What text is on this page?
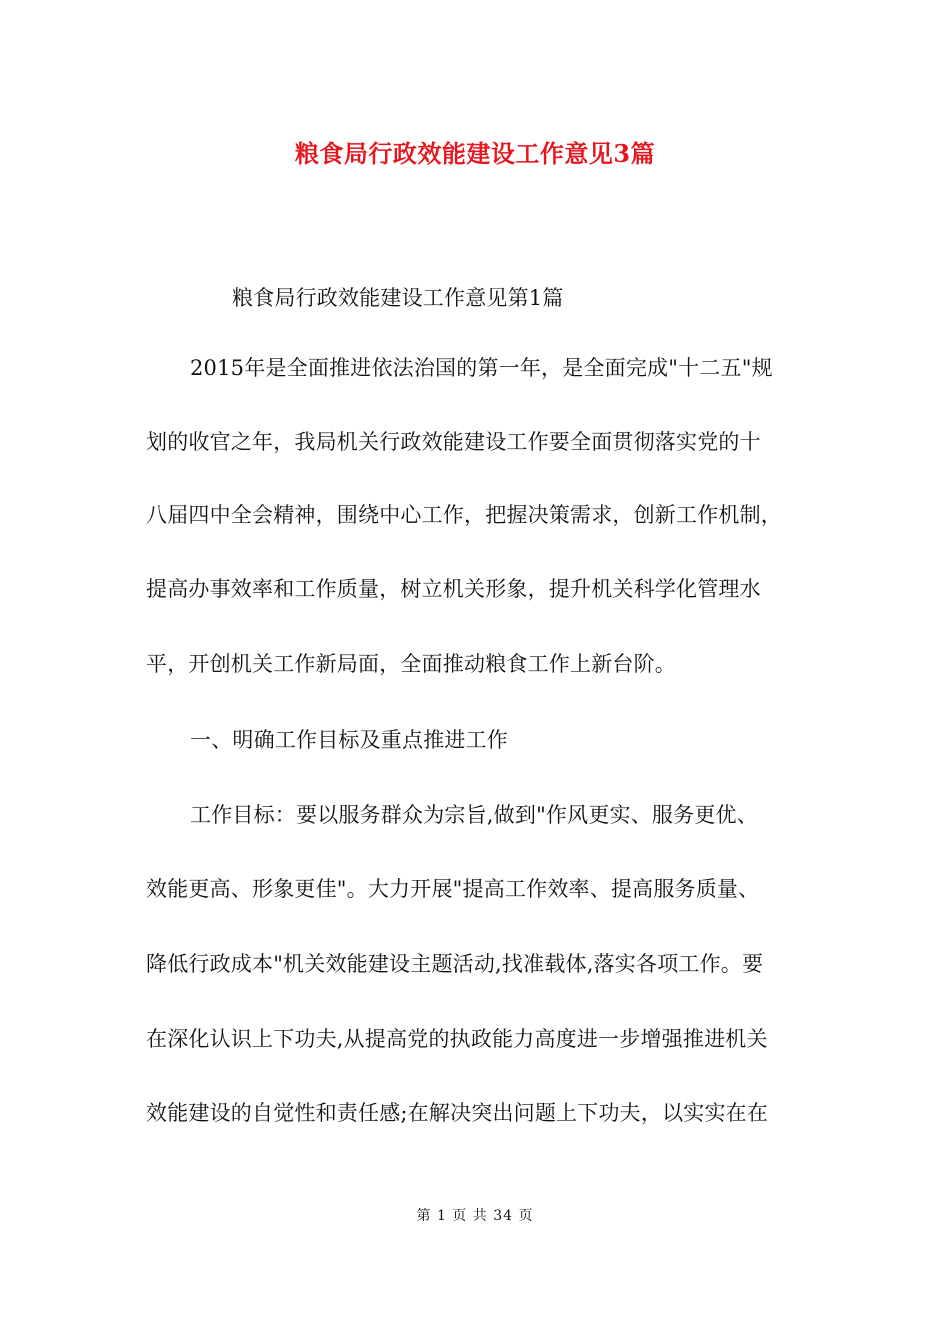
粮食局行政效能建设工作意见3篇
粮食局行政效能建设工作意见第1篇
2015年是全面推进依法治国的第一年，是全面完成"十二五"规
划的收官之年，我局机关行政效能建设工作要全面贯彻落实党的十
八届四中全会精神，围绕中心工作，把握决策需求，创新工作机制，
提高办事效率和工作质量，树立机关形象，提升机关科学化管理水
平，开创机关工作新局面，全面推动粮食工作上新台阶。
一、明确工作目标及重点推进工作
工作目标：要以服务群众为宗旨,做到"作风更实、服务更优、
效能更高、形象更佳"。大力开展"提高工作效率、提高服务质量、
降低行政成本"机关效能建设主题活动,找准载体,落实各项工作。要
在深化认识上下功夫,从提高党的执政能力高度进一步增强推进机关
效能建设的自觉性和责任感;在解决突出问题上下功夫，以实实在在
第 1 页 共 34 页
